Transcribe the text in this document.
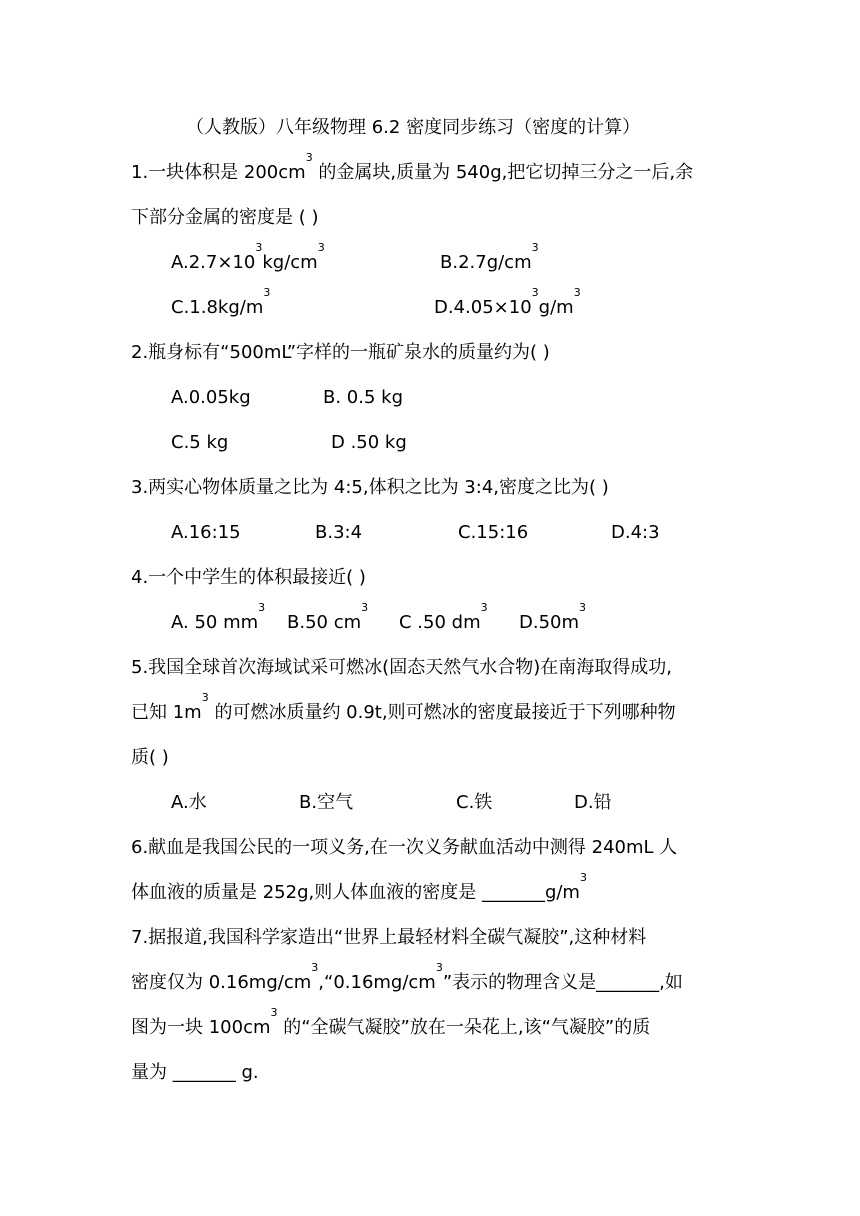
（人教版）八年级物理 6.2 密度同步练习（密度的计算）
1.一块体积是 $200cm^3$ 的金属块,质量为 540g,把它切掉三分之一后,余
下部分金属的密度是 ( )
$A.2.7\times 10^3kg/cm^3$
$B.2.7g/cm^3$
$C.1.8kg/m^3$
$D.4.05\times 10^3g/m^3$
2.瓶身标有“500mL”字样的一瓶矿泉水的质量约为( )
A.0.05kg	B. 0.5 kg
C.5 kg	D .50 kg
3.两实心物体质量之比为 4:5,体积之比为 3:4,密度之比为( )
A.16:15	B.3:4	C.15:16	D.4:3
4.一个中学生的体积最接近( )
A. 50 $mm^3$
B.50 $cm^3$
C .50 $dm^3$
$D.50m^3$
5.我国全球首次海域试采可燃冰(固态天然气水合物)在南海取得成功,
已知 $1m^3$ 的可燃冰质量约 0.9t,则可燃冰的密度最接近于下列哪种物
质( )
A.水	B.空气	C.铁	D.铅
6.献血是我国公民的一项义务,在一次义务献血活动中测得 240mL 人
体血液的质量是 252g,则人体血液的密度是 $\_\_\_\_\_\_\_g/m^3$
7.据报道,我国科学家造出“世界上最轻材料全碳气凝胶”,这种材料
密度仅为 $0.16mg/cm^3,“0.16mg/cm^3$”表示的物理含义是_______,如
图为一块 $100cm^3$ 的“全碳气凝胶”放在一朵花上,该“气凝胶”的质
量为 _______ g.
